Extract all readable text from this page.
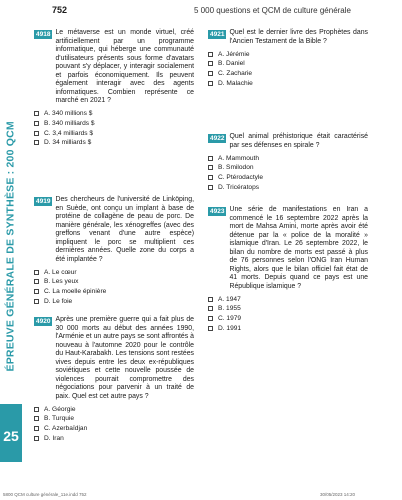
752	5 000 questions et QCM de culture générale
ÉPREUVE GÉNÉRALE DE SYNTHÈSE : 200 QCM
25
4918 Le métaverse est un monde virtuel, créé artificiellement par un programme informatique, qui héberge une communauté d'utilisateurs présents sous forme d'avatars pouvant s'y déplacer, y interagir socialement et parfois économiquement. Ils peuvent également interagir avec des agents informatiques. Combien représente ce marché en 2021 ?
A. 340 millions $
B. 340 milliards $
C. 3,4 milliards $
D. 34 milliards $
4919 Des chercheurs de l'université de Linköping, en Suède, ont conçu un implant à base de protéine de collagène de peau de porc. De manière générale, les xénogreffes (avec des greffons venant d'une autre espèce) impliquent le porc se multiplient ces dernières années. Quelle zone du corps a été implantée ?
A. Le cœur
B. Les yeux
C. La moelle épinière
D. Le foie
4920 Après une première guerre qui a fait plus de 30 000 morts au début des années 1990, l'Arménie et un autre pays se sont affrontés à nouveau à l'automne 2020 pour le contrôle du Haut-Karabakh. Les tensions sont restées vives depuis entre les deux ex-républiques soviétiques et cette nouvelle poussée de violences pourrait compromettre des négociations pour parvenir à un traité de paix. Quel est cet autre pays ?
A. Géorgie
B. Turquie
C. Azerbaïdjan
D. Iran
4921 Quel est le dernier livre des Prophètes dans l'Ancien Testament de la Bible ?
A. Jérémie
B. Daniel
C. Zacharie
D. Malachie
4922 Quel animal préhistorique était caractérisé par ses défenses en spirale ?
A. Mammouth
B. Smilodon
C. Ptérodactyle
D. Tricératops
4923 Une série de manifestations en Iran a commencé le 16 septembre 2022 après la mort de Mahsa Amini, morte après avoir été détenue par la « police de la moralité » islamique d'Iran. Le 26 septembre 2022, le bilan du nombre de morts est passé à plus de 76 personnes selon l'ONG Iran Human Rights, alors que le bilan officiel fait état de 41 morts. Depuis quand ce pays est une République islamique ?
A. 1947
B. 1955
C. 1979
D. 1991
5800 QCM culture générale_11e.indd 752	30/05/2023 14:20
